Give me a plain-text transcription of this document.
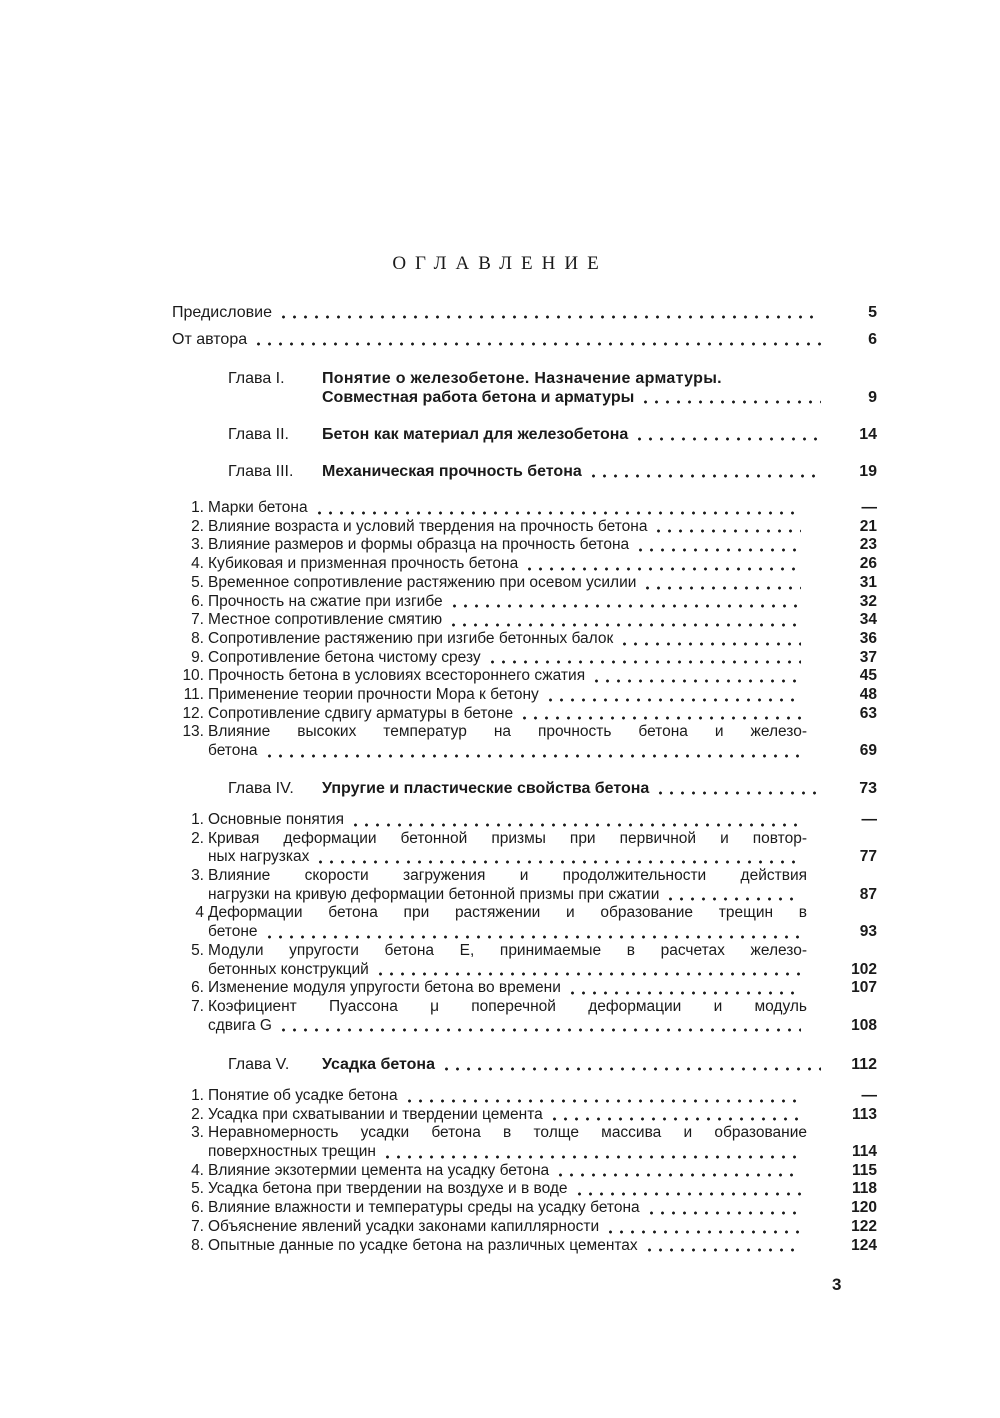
ОГЛАВЛЕНИЕ
Предисловие	5
От автора	6
Глава I.	Понятие о железобетоне. Назначение арматуры.
Совместная работа бетона и арматуры	9
Глава II.	Бетон как материал для железобетона	14
Глава III.	Механическая прочность бетона	19
1. Марки бетона	—
2. Влияние возраста и условий твердения на прочность бетона	21
3. Влияние размеров и формы образца на прочность бетона	23
4. Кубиковая и призменная прочность бетона	26
5. Временное сопротивление растяжению при осевом усилии	31
6. Прочность на сжатие при изгибе	32
7. Местное сопротивление смятию	34
8. Сопротивление растяжению при изгибе бетонных балок	36
9. Сопротивление бетона чистому срезу	37
10. Прочность бетона в условиях всестороннего сжатия	45
11. Применение теории прочности Мора к бетону	48
12. Сопротивление сдвигу арматуры в бетоне	63
13. Влияние высоких температур на прочность бетона и железо-
бетона	69
Глава IV.	Упругие и пластические свойства бетона	73
1. Основные понятия	—
2. Кривая деформации бетонной призмы при первичной и повтор-
ных нагрузках	77
3. Влияние скорости загружения и продолжительности действия
нагрузки на кривую деформации бетонной призмы при сжатии	87
4 Деформации бетона при растяжении и образование трещин в
бетоне	93
5. Модули упругости бетона E, принимаемые в расчетах железо-
бетонных конструкций	102
6. Изменение модуля упругости бетона во времени	107
7. Коэфициент Пуассона μ поперечной деформации и модуль
сдвига G	108
Глава V.	Усадка бетона	112
1. Понятие об усадке бетона	—
2. Усадка при схватывании и твердении цемента	113
3. Неравномерность усадки бетона в толще массива и образование
поверхностных трещин	114
4. Влияние экзотермии цемента на усадку бетона	115
5. Усадка бетона при твердении на воздухе и в воде	118
6. Влияние влажности и температуры среды на усадку бетона	120
7. Объяснение явлений усадки законами капиллярности	122
8. Опытные данные по усадке бетона на различных цементах	124
3
